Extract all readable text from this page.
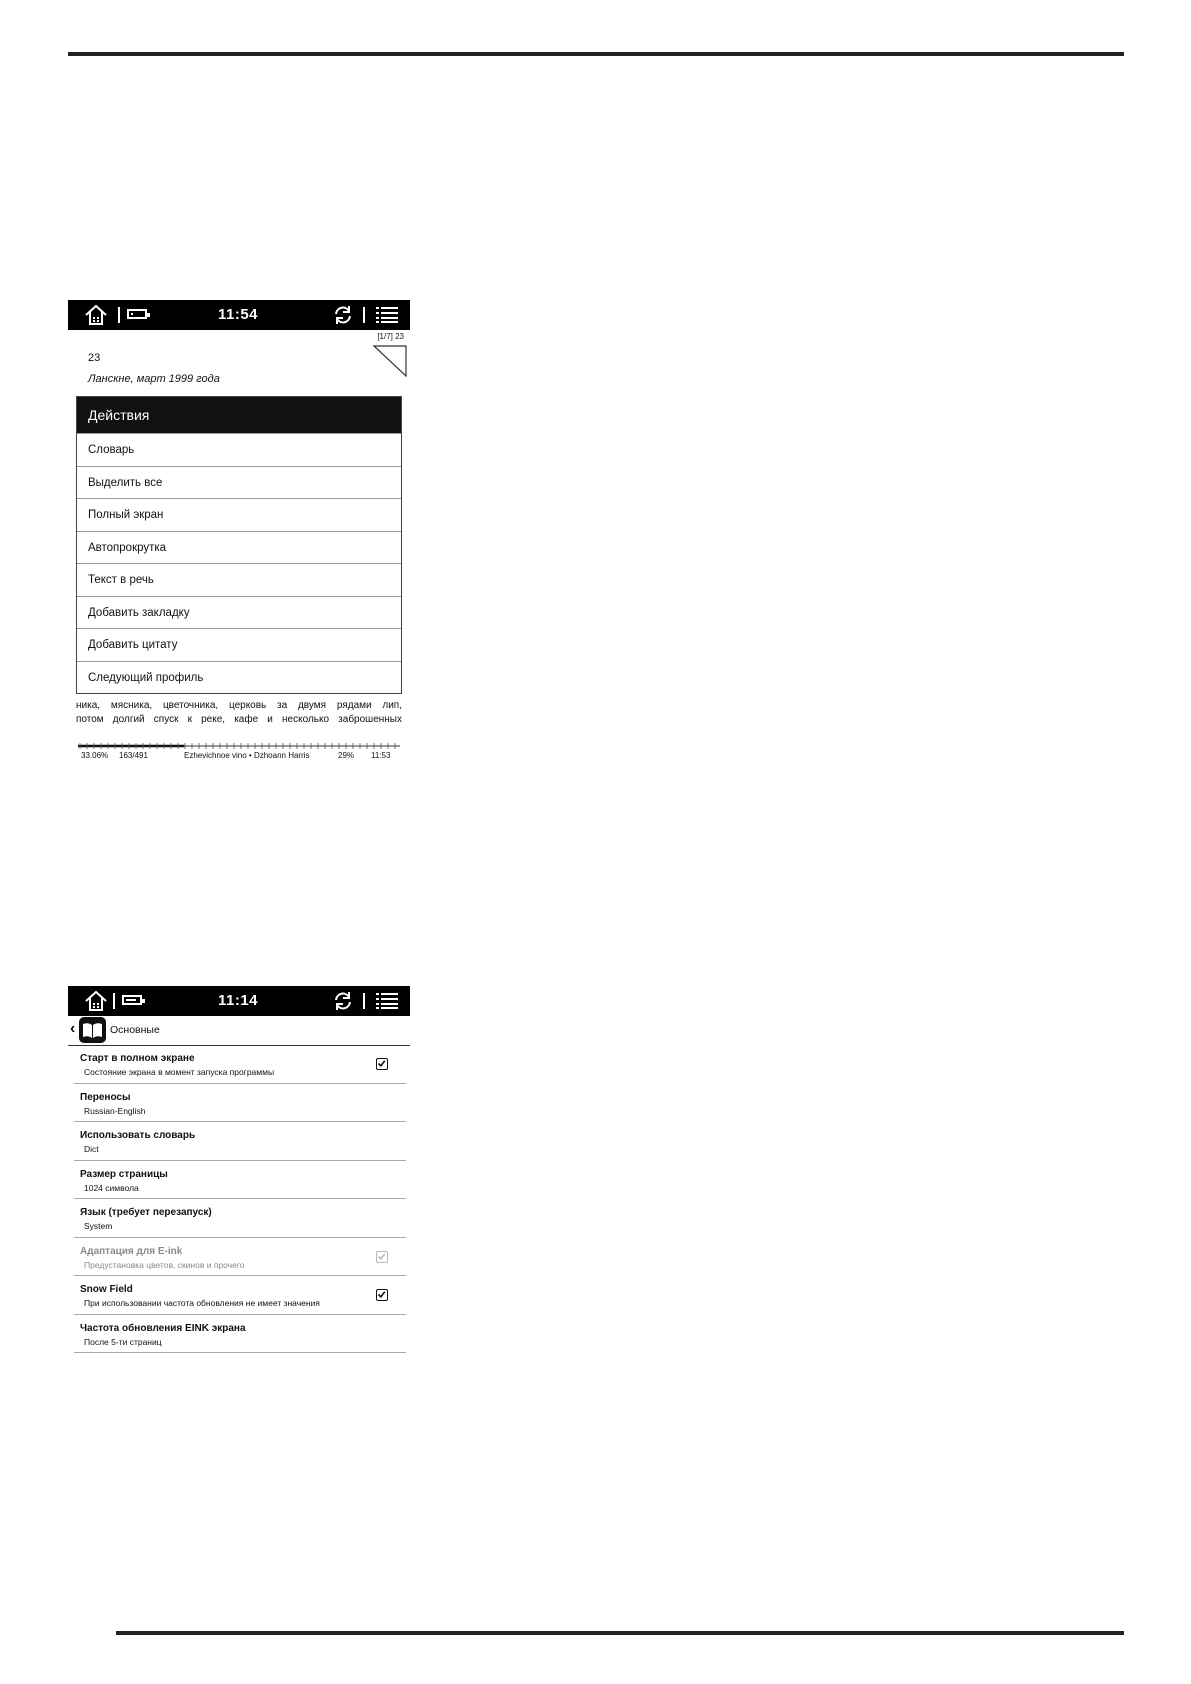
11:54
[1/7] 23
23
Ланскне, март 1999 года
Действия
Словарь
Выделить все
Полный экран
Автопрокрутка
Текст в речь
Добавить закладку
Добавить цитату
Следующий профиль
ника, мясника, цветочника, церковь за двумя рядами лип,
потом долгий спуск к реке, кафе и несколько заброшенных
33.06% 163/491	Ezhevichnoe vino • Dzhoann Harris	29% 11:53
11:14
‹	Основные
Старт в полном экране
Состояние экрана в момент запуска программы
Переносы
Russian-English
Использовать словарь
Dict
Размер страницы
1024 символа
Язык (требует перезапуск)
System
Адаптация для E-ink
Предустановка цветов, скинов и прочего
Snow Field
При использовании частота обновления не имеет значения
Частота обновления EINK экрана
После 5-ти страниц
